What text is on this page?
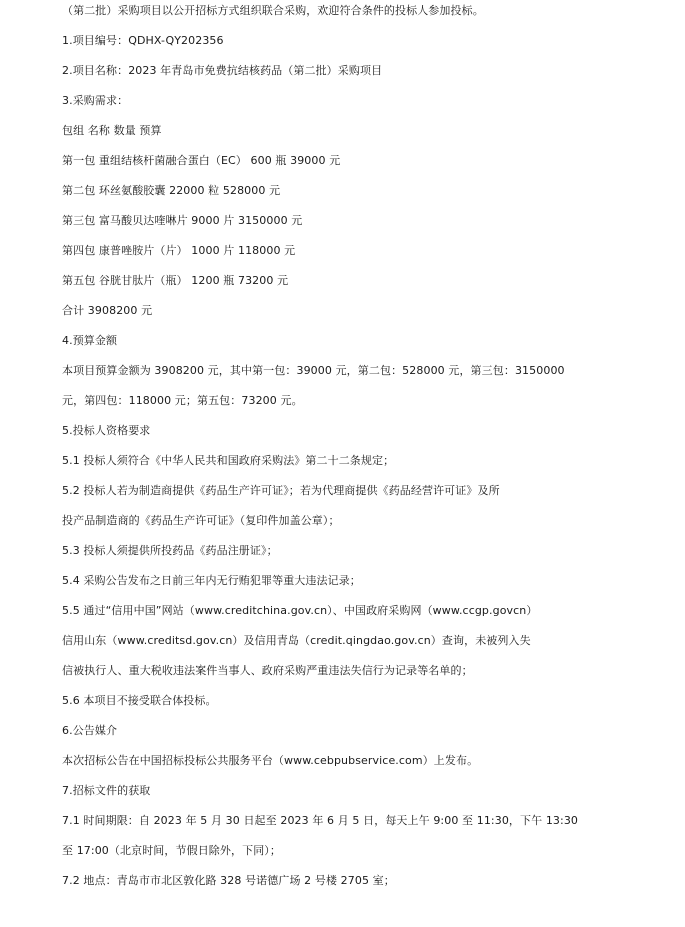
（第二批）采购项目以公开招标方式组织联合采购，欢迎符合条件的投标人参加投标。

1.项目编号：QDHX-QY202356

2.项目名称：2023 年青岛市免费抗结核药品（第二批）采购项目

3.采购需求：

包组 名称 数量 预算

第一包 重组结核杆菌融合蛋白（EC） 600 瓶 39000 元

第二包 环丝氨酸胶囊 22000 粒 528000 元

第三包 富马酸贝达喹啉片 9000 片 3150000 元

第四包 康普唑胺片（片） 1000 片 118000 元

第五包 谷胱甘肽片（瓶） 1200 瓶 73200 元

合计 3908200 元

4.预算金额

本项目预算金额为 3908200 元，其中第一包：39000 元，第二包：528000 元，第三包：3150000

元，第四包：118000 元；第五包：73200 元。

5.投标人资格要求

5.1 投标人须符合《中华人民共和国政府采购法》第二十二条规定；

5.2 投标人若为制造商提供《药品生产许可证》；若为代理商提供《药品经营许可证》及所

投产品制造商的《药品生产许可证》（复印件加盖公章）；

5.3 投标人须提供所投药品《药品注册证》；

5.4 采购公告发布之日前三年内无行贿犯罪等重大违法记录；

5.5 通过“信用中国”网站（www.creditchina.gov.cn）、中国政府采购网（www.ccgp.govcn）

信用山东（www.creditsd.gov.cn）及信用青岛（credit.qingdao.gov.cn）查询，未被列入失

信被执行人、重大税收违法案件当事人、政府采购严重违法失信行为记录等名单的；

5.6 本项目不接受联合体投标。

6.公告媒介

本次招标公告在中国招标投标公共服务平台（www.cebpubservice.com）上发布。

7.招标文件的获取

7.1 时间期限：自 2023 年 5 月 30 日起至 2023 年 6 月 5 日，每天上午 9:00 至 11:30，下午 13:30

至 17:00（北京时间，节假日除外，下同）；

7.2 地点：青岛市市北区敦化路 328 号诺德广场 2 号楼 2705 室；
